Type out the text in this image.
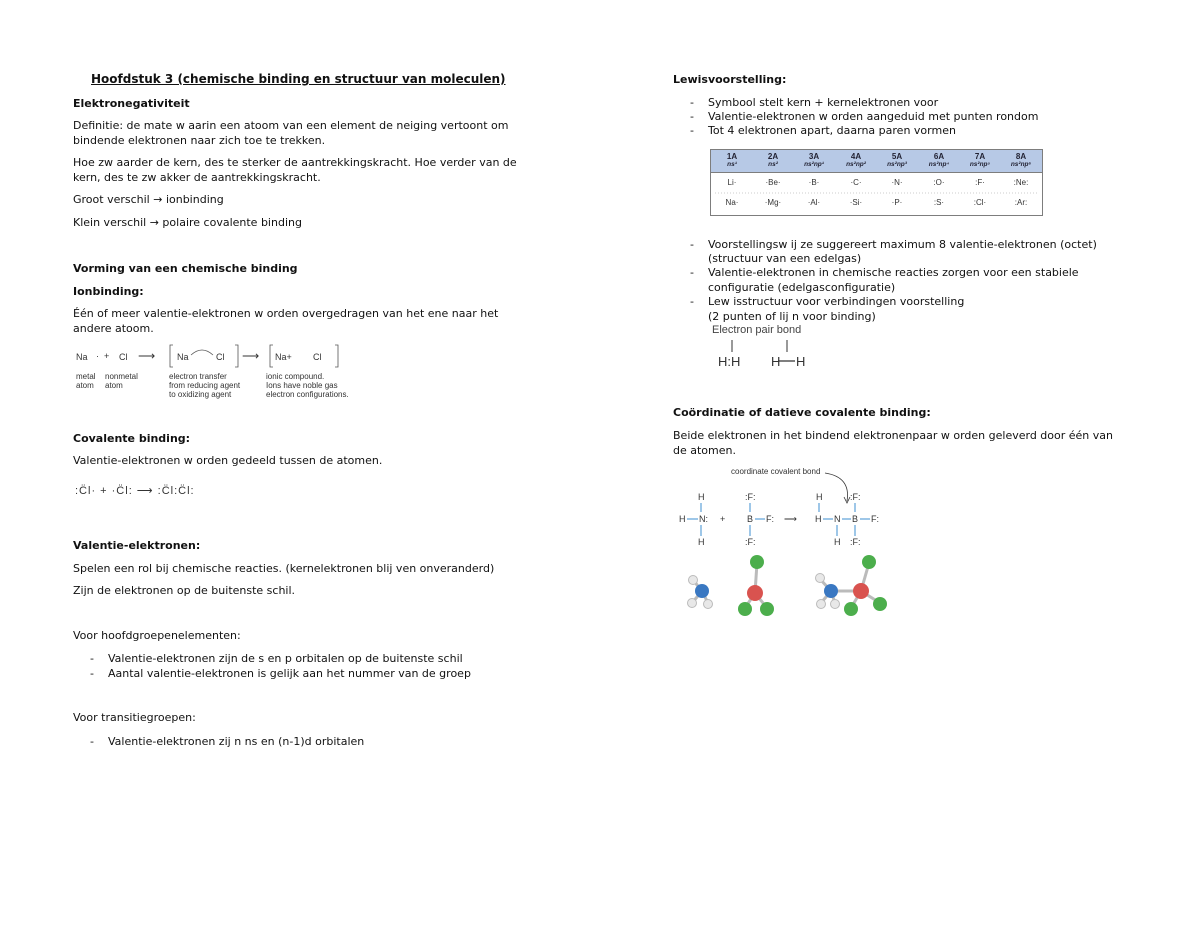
Hoofdstuk 3 (chemische binding en structuur van moleculen)
Elektronegativiteit
Definitie: de mate w aarin een atoom van een element de neiging vertoont om bindende elektronen naar zich toe te trekken.
Hoe zw aarder de kern, des te sterker de aantrekkingskracht. Hoe verder van de kern, des te zw akker de aantrekkingskracht.
Groot verschil → ionbinding
Klein verschil → polaire covalente binding
Vorming van een chemische binding
Ionbinding:
Één of meer valentie-elektronen w orden overgedragen van het ene naar het andere atoom.
Na ·  + Cl ⟶ Na	Cl ⟶ Na+ Cl
metal
atom
nonmetal
atom
electron transfer
from reducing agent
to oxidizing agent
ionic compound.
Ions have noble gas
electron configurations.
Covalente binding:
Valentie-elektronen w orden gedeeld tussen de atomen.
:C̈l· + ·C̈l: ⟶ :C̈l:C̈l:
Valentie-elektronen:
Spelen een rol bij chemische reacties. (kernelektronen blij ven onveranderd)
Zijn de elektronen op de buitenste schil.
Voor hoofdgroepenelementen:
- Valentie-elektronen zijn de s en p orbitalen op de buitenste schil
- Aantal valentie-elektronen is gelijk aan het nummer van de groep
Voor transitiegroepen:
- Valentie-elektronen zij n ns en (n-1)d orbitalen
Lewisvoorstelling:
- Symbool stelt kern + kernelektronen voor
- Valentie-elektronen w orden aangeduid met punten rondom
- Tot 4 elektronen apart, daarna paren vormen
1A
ns¹
Li·
Na·
2A
ns²
·Be·
·Mg·
3A
ns²np¹
·B·
·Al·
4A
ns²np²
·C·
·Si·
5A
ns²np³
·N·
·P·
6A
ns²np⁴
:O·
:S·
7A
ns²np⁵
:F·
:Cl·
8A
ns²np⁶
:Ne:
:Ar:
- Voorstellingsw ij ze suggereert maximum 8 valentie-elektronen (octet)
(structuur van een edelgas)
- Valentie-elektronen in chemische reacties zorgen voor een stabiele
configuratie (edelgasconfiguratie)
- Lew isstructuur voor verbindingen voorstelling
(2 punten of lij n voor binding)
Electron pair bond
H:H H H
Coördinatie of datieve covalente binding:
Beide elektronen in het bindend elektronenpaar w orden geleverd door één van de atomen.
coordinate covalent bond
H
H N:
H
+
:F:
B F:
:F:
⟶
H
H N B F:
H
:F:
:F:
